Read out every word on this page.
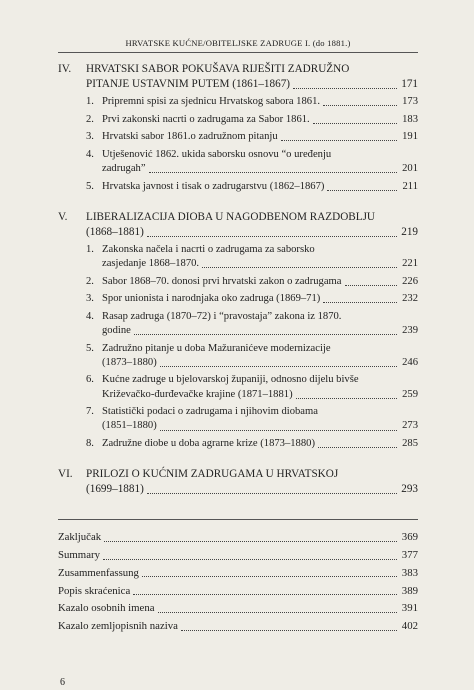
HRVATSKE KUĆNE/OBITELJSKE ZADRUGE I. (do 1881.)
IV.	HRVATSKI SABOR POKUŠAVA RIJEŠITI ZADRUŽNO
PITANJE USTAVNIM PUTEM (1861–1867)	171
1. Pripremni spisi za sjednicu Hrvatskog sabora 1861.	173
2. Prvi zakonski nacrti o zadrugama za Sabor 1861.	183
3. Hrvatski sabor 1861.o zadružnom pitanju	191
4. Utješenović 1862. ukida saborsku osnovu “o uređenju
zadrugah”	201
5. Hrvatska javnost i tisak o zadrugarstvu (1862–1867)	211
V.	LIBERALIZACIJA DIOBA U NAGODBENOM RAZDOBLJU
(1868–1881)	219
1. Zakonska načela i nacrti o zadrugama za saborsko
zasjedanje 1868–1870.	221
2. Sabor 1868–70. donosi prvi hrvatski zakon o zadrugama	226
3. Spor unionista i narodnjaka oko zadruga (1869–71)	232
4. Rasap zadruga (1870–72) i “pravostaja” zakona iz 1870.
godine	239
5. Zadružno pitanje u doba Mažuranićeve modernizacije
(1873–1880)	246
6. Kućne zadruge u bjelovarskoj županiji, odnosno dijelu bivše
Križevačko-đurđevačke krajine (1871–1881)	259
7. Statistički podaci o zadrugama i njihovim diobama
(1851–1880)	273
8. Zadružne diobe u doba agrarne krize (1873–1880)	285
VI.	PRILOZI O KUĆNIM ZADRUGAMA U HRVATSKOJ
(1699–1881)	293
Zaključak	369
Summary	377
Zusammenfassung	383
Popis skraćenica	389
Kazalo osobnih imena	391
Kazalo zemljopisnih naziva	402
6
